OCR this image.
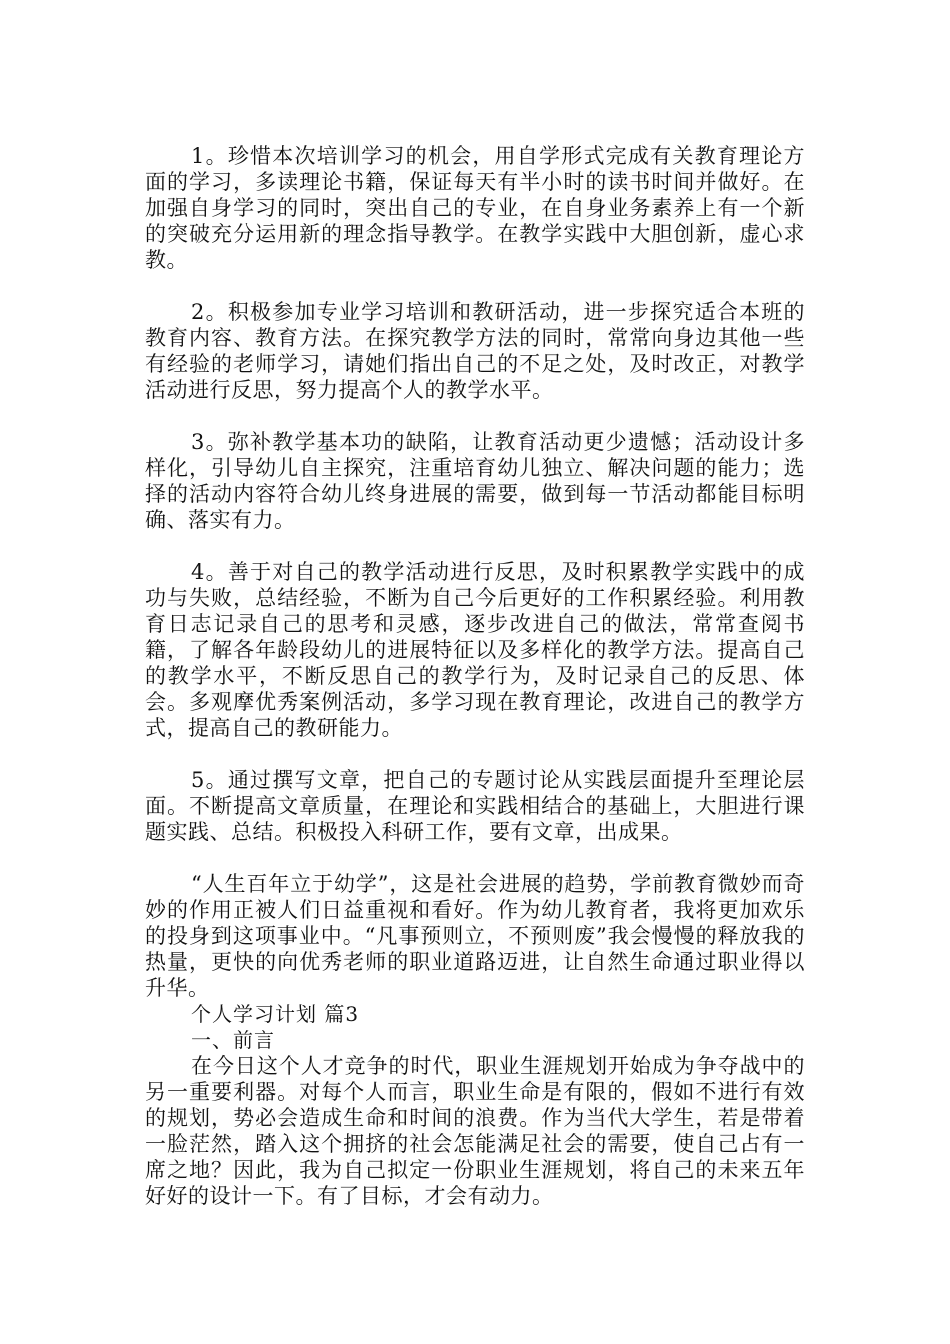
1。珍惜本次培训学习的机会，用自学形式完成有关教育理论方面的学习，多读理论书籍，保证每天有半小时的读书时间并做好。在加强自身学习的同时，突出自己的专业，在自身业务素养上有一个新的突破充分运用新的理念指导教学。在教学实践中大胆创新，虚心求教。

2。积极参加专业学习培训和教研活动，进一步探究适合本班的教育内容、教育方法。在探究教学方法的同时，常常向身边其他一些有经验的老师学习，请她们指出自己的不足之处，及时改正，对教学活动进行反思，努力提高个人的教学水平。

3。弥补教学基本功的缺陷，让教育活动更少遗憾；活动设计多样化，引导幼儿自主探究，注重培育幼儿独立、解决问题的能力；选择的活动内容符合幼儿终身进展的需要，做到每一节活动都能目标明确、落实有力。

4。善于对自己的教学活动进行反思，及时积累教学实践中的成功与失败，总结经验，不断为自己今后更好的工作积累经验。利用教育日志记录自己的思考和灵感，逐步改进自己的做法，常常查阅书籍，了解各年龄段幼儿的进展特征以及多样化的教学方法。提高自己的教学水平，不断反思自己的教学行为，及时记录自己的反思、体会。多观摩优秀案例活动，多学习现在教育理论，改进自己的教学方式，提高自己的教研能力。

5。通过撰写文章，把自己的专题讨论从实践层面提升至理论层面。不断提高文章质量，在理论和实践相结合的基础上，大胆进行课题实践、总结。积极投入科研工作，要有文章，出成果。

“人生百年立于幼学”，这是社会进展的趋势，学前教育微妙而奇妙的作用正被人们日益重视和看好。作为幼儿教育者，我将更加欢乐的投身到这项事业中。“凡事预则立，不预则废”我会慢慢的释放我的热量，更快的向优秀老师的职业道路迈进，让自然生命通过职业得以升华。

个人学习计划 篇3

一、前言

在今日这个人才竞争的时代，职业生涯规划开始成为争夺战中的另一重要利器。对每个人而言，职业生命是有限的，假如不进行有效的规划，势必会造成生命和时间的浪费。作为当代大学生，若是带着一脸茫然，踏入这个拥挤的社会怎能满足社会的需要，使自己占有一席之地？因此，我为自己拟定一份职业生涯规划，将自己的未来五年好好的设计一下。有了目标，才会有动力。
